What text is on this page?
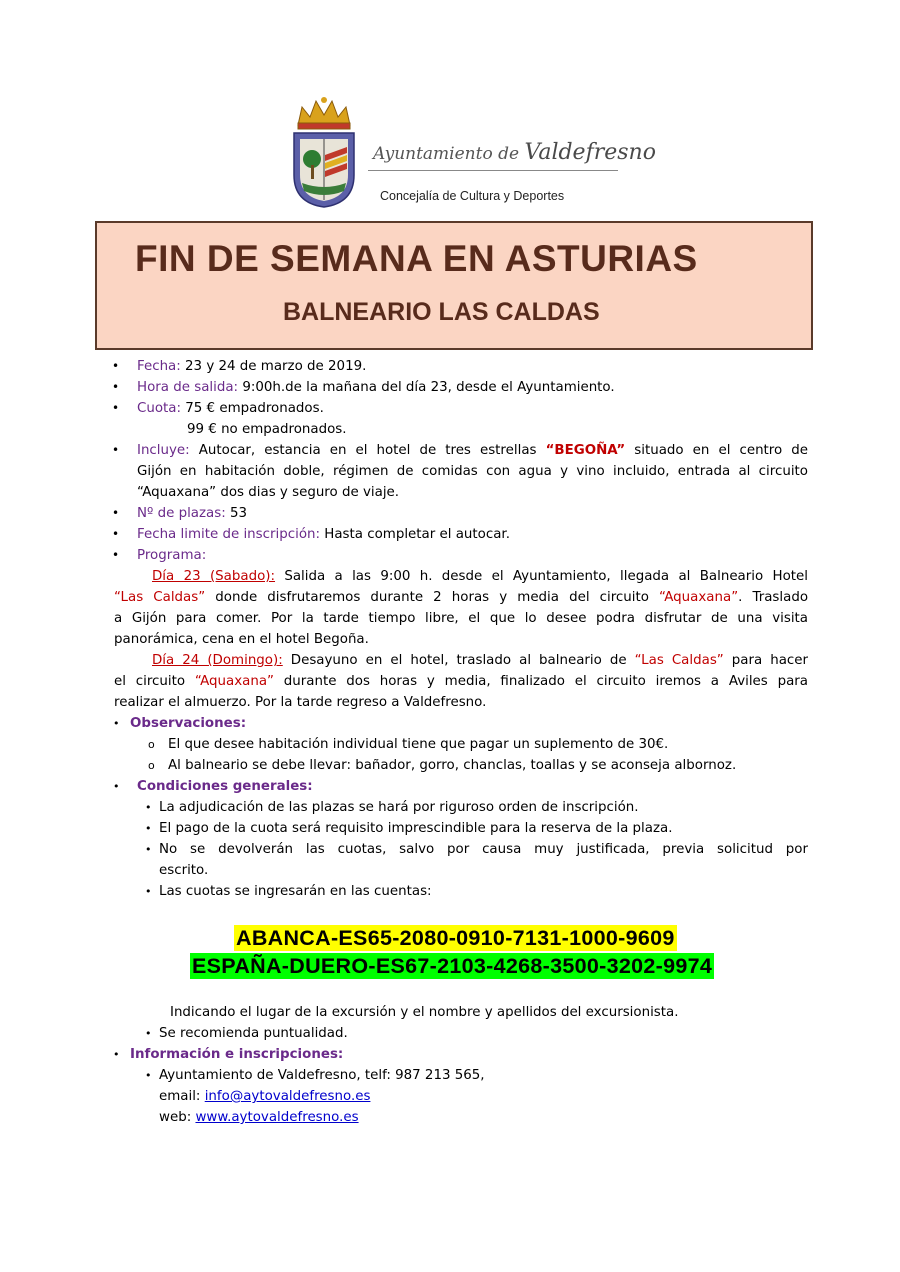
Ayuntamiento de Valdefresno
Concejalía de Cultura y Deportes
FIN DE SEMANA EN ASTURIAS
BALNEARIO LAS CALDAS
• Fecha: 23 y 24 de marzo de 2019.
• Hora de salida: 9:00h.de la mañana del día 23, desde el Ayuntamiento.
• Cuota: 75 € empadronados.
99 € no empadronados.
• Incluye: Autocar, estancia en el hotel de tres estrellas “BEGOÑA” situado en el centro de
Gijón en habitación doble, régimen de comidas con agua y vino incluido, entrada al circuito
“Aquaxana” dos dias y seguro de viaje.
• Nº de plazas: 53
• Fecha limite de inscripción: Hasta completar el autocar.
• Programa:
Día 23 (Sabado): Salida a las 9:00 h. desde el Ayuntamiento, llegada al Balneario Hotel
“Las Caldas” donde disfrutaremos durante 2 horas y media del circuito “Aquaxana”. Traslado
a Gijón para comer. Por la tarde tiempo libre, el que lo desee podra disfrutar de una visita
panorámica, cena en el hotel Begoña.
Día 24 (Domingo): Desayuno en el hotel, traslado al balneario de “Las Caldas” para hacer
el circuito “Aquaxana” durante dos horas y media, finalizado el circuito iremos a Aviles para
realizar el almuerzo. Por la tarde regreso a Valdefresno.
• Observaciones:
o El que desee habitación individual tiene que pagar un suplemento de 30€.
o Al balneario se debe llevar: bañador, gorro, chanclas, toallas y se aconseja albornoz.
• Condiciones generales:
• La adjudicación de las plazas se hará por riguroso orden de inscripción.
• El pago de la cuota será requisito imprescindible para la reserva de la plaza.
• No se devolverán las cuotas, salvo por causa muy justificada, previa solicitud por
escrito.
• Las cuotas se ingresarán en las cuentas:
ABANCA-ES65-2080-0910-7131-1000-9609
ESPAÑA-DUERO-ES67-2103-4268-3500-3202-9974
Indicando el lugar de la excursión y el nombre y apellidos del excursionista.
• Se recomienda puntualidad.
• Información e inscripciones:
• Ayuntamiento de Valdefresno, telf: 987 213 565,
email: info@aytovaldefresno.es
web: www.aytovaldefresno.es
